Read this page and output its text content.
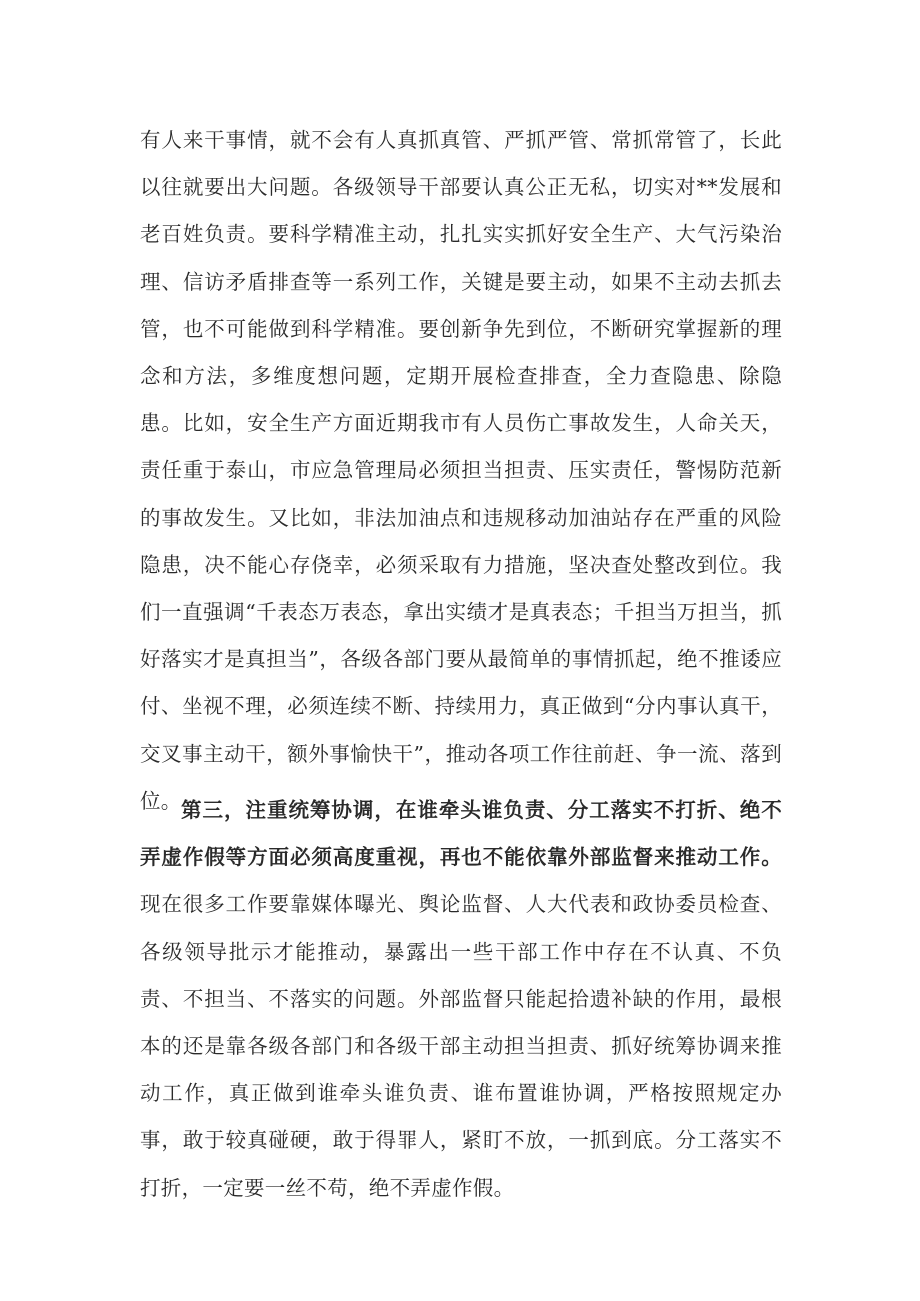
有人来干事情，就不会有人真抓真管、严抓严管、常抓常管了，长此以往就要出大问题。各级领导干部要认真公正无私，切实对**发展和老百姓负责。要科学精准主动，扎扎实实抓好安全生产、大气污染治理、信访矛盾排查等一系列工作，关键是要主动，如果不主动去抓去管，也不可能做到科学精准。要创新争先到位，不断研究掌握新的理念和方法，多维度想问题，定期开展检查排查，全力查隐患、除隐患。比如，安全生产方面近期我市有人员伤亡事故发生，人命关天，责任重于泰山，市应急管理局必须担当担责、压实责任，警惕防范新的事故发生。又比如，非法加油点和违规移动加油站存在严重的风险隐患，决不能心存侥幸，必须采取有力措施，坚决查处整改到位。我们一直强调“千表态万表态，拿出实绩才是真表态；千担当万担当，抓好落实才是真担当”，各级各部门要从最简单的事情抓起，绝不推诿应付、坐视不理，必须连续不断、持续用力，真正做到“分内事认真干，交叉事主动干，额外事愉快干”，推动各项工作往前赶、争一流、落到位。 第三，注重统筹协调，在谁牵头谁负责、分工落实不打折、绝不弄虚作假等方面必须高度重视，再也不能依靠外部监督来推动工作。现在很多工作要靠媒体曝光、舆论监督、人大代表和政协委员检查、各级领导批示才能推动，暴露出一些干部工作中存在不认真、不负责、不担当、不落实的问题。外部监督只能起拾遗补缺的作用，最根本的还是靠各级各部门和各级干部主动担当担责、抓好统筹协调来推动工作，真正做到谁牵头谁负责、谁布置谁协调，严格按照规定办事，敢于较真碰硬，敢于得罪人，紧盯不放，一抓到底。分工落实不打折，一定要一丝不苟，绝不弄虚作假。
